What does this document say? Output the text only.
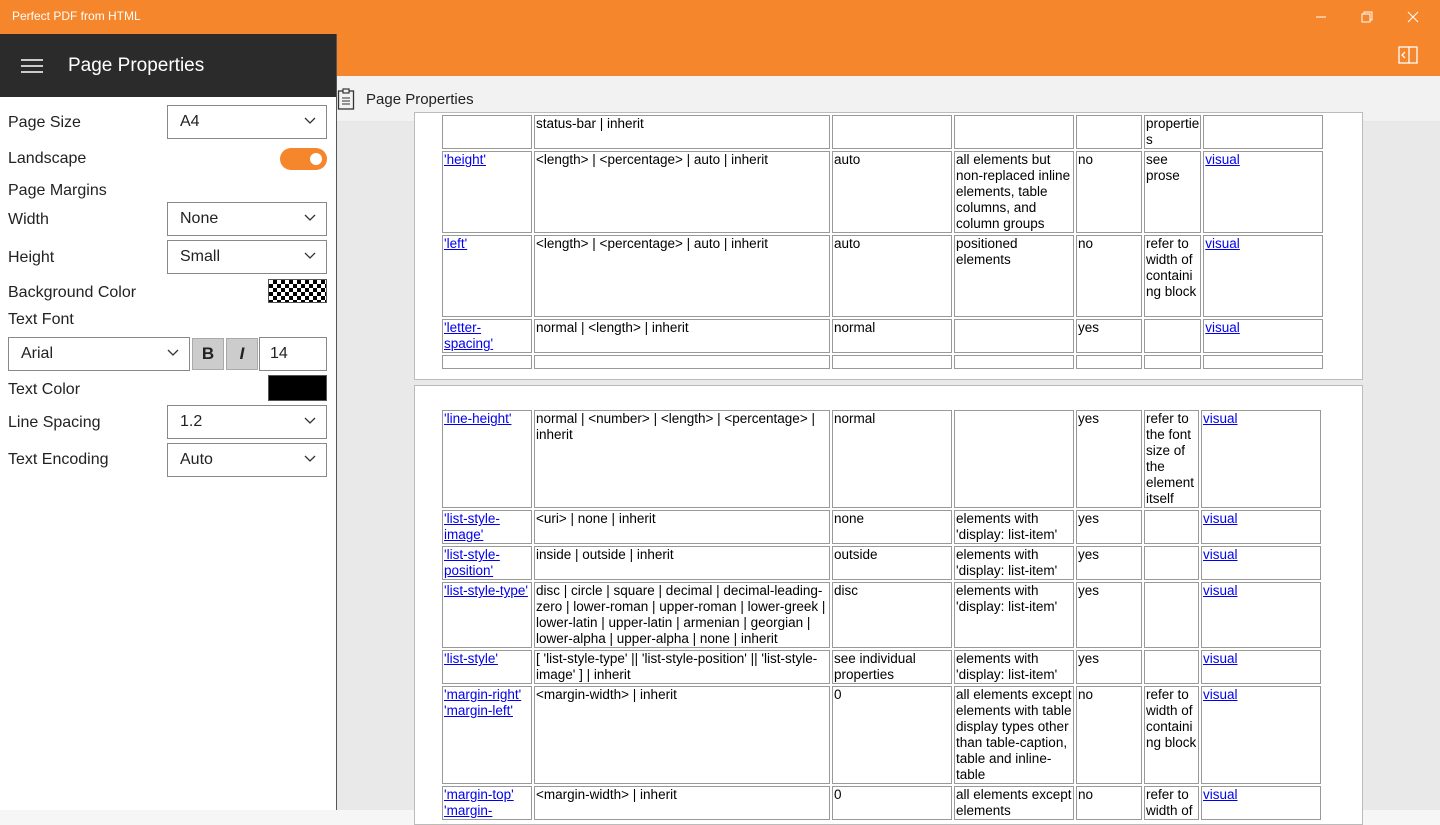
Perfect PDF from HTML
Page Properties
Page Properties
Page Size	A4
Landscape
Page Margins
Width	None
Height	Small
Background Color
Text Font
Arial	B	I	14
Text Color
Line Spacing	1.2
Text Encoding	Auto
	status-bar | inherit				propertie s	
'height'	<length> | <percentage> | auto | inherit	auto	all elements but non-replaced inline elements, table columns, and column groups	no	see prose	visual
'left'	<length> | <percentage> | auto | inherit	auto	positioned elements	no	refer to width of containi ng block	visual
'letter-spacing'	normal | <length> | inherit	normal		yes		visual

'line-height'	normal | <number> | <length> | <percentage> | inherit	normal		yes	refer to the font size of the element itself	visual
'list-style-image'	<uri> | none | inherit	none	elements with 'display: list-item'	yes		visual
'list-style-position'	inside | outside | inherit	outside	elements with 'display: list-item'	yes		visual
'list-style-type'	disc | circle | square | decimal | decimal-leading-zero | lower-roman | upper-roman | lower-greek | lower-latin | upper-latin | armenian | georgian | lower-alpha | upper-alpha | none | inherit	disc	elements with 'display: list-item'	yes		visual
'list-style'	[ 'list-style-type' || 'list-style-position' || 'list-style-image' ] | inherit	see individual properties	elements with 'display: list-item'	yes		visual
'margin-right' 'margin-left'	<margin-width> | inherit	0	all elements except elements with table display types other than table-caption, table and inline-table	no	refer to width of containi ng block	visual
'margin-top' 'margin-	<margin-width> | inherit	0	all elements except elements	no	refer to width of	visual
